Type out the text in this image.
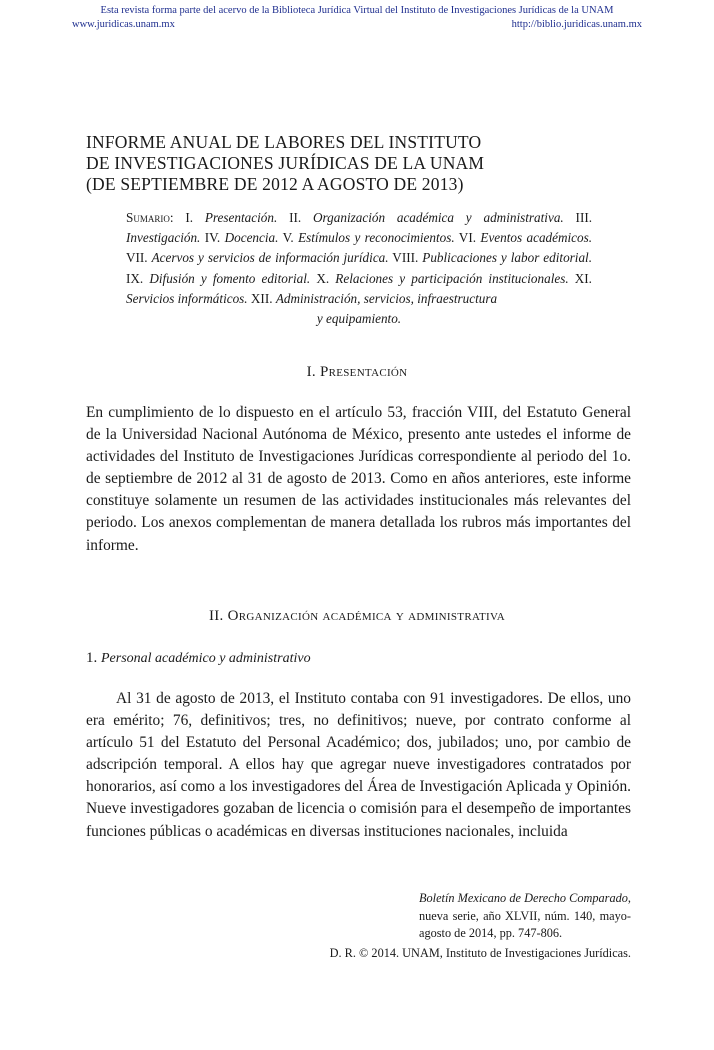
Esta revista forma parte del acervo de la Biblioteca Jurídica Virtual del Instituto de Investigaciones Jurídicas de la UNAM
www.juridicas.unam.mx	http://biblio.juridicas.unam.mx
INFORME ANUAL DE LABORES DEL INSTITUTO
DE INVESTIGACIONES JURÍDICAS DE LA UNAM
(DE SEPTIEMBRE DE 2012 A AGOSTO DE 2013)
Sumario: I. Presentación. II. Organización académica y administrativa. III. Investigación. IV. Docencia. V. Estímulos y reconocimientos. VI. Eventos académicos. VII. Acervos y servicios de información jurídica. VIII. Publicaciones y labor editorial. IX. Difusión y fomento editorial. X. Relaciones y participación institucionales. XI. Servicios informáticos. XII. Administración, servicios, infraestructura
y equipamiento.
I. Presentación
En cumplimiento de lo dispuesto en el artículo 53, fracción VIII, del Estatuto General de la Universidad Nacional Autónoma de México, presento ante ustedes el informe de actividades del Instituto de Investigaciones Jurídicas correspondiente al periodo del 1o. de septiembre de 2012 al 31 de agosto de 2013. Como en años anteriores, este informe constituye solamente un resumen de las actividades institucionales más relevantes del periodo. Los anexos complementan de manera detallada los rubros más importantes del informe.
II. Organización académica y administrativa
1. Personal académico y administrativo
Al 31 de agosto de 2013, el Instituto contaba con 91 investigadores. De ellos, uno era emérito; 76, definitivos; tres, no definitivos; nueve, por contrato conforme al artículo 51 del Estatuto del Personal Académico; dos, jubilados; uno, por cambio de adscripción temporal. A ellos hay que agregar nueve investigadores contratados por honorarios, así como a los investigadores del Área de Investigación Aplicada y Opinión. Nueve investigadores gozaban de licencia o comisión para el desempeño de importantes funciones públicas o académicas en diversas instituciones nacionales, incluida
Boletín Mexicano de Derecho Comparado, nueva serie, año XLVII, núm. 140, mayo-agosto de 2014, pp. 747-806.
D. R. © 2014. UNAM, Instituto de Investigaciones Jurídicas.
